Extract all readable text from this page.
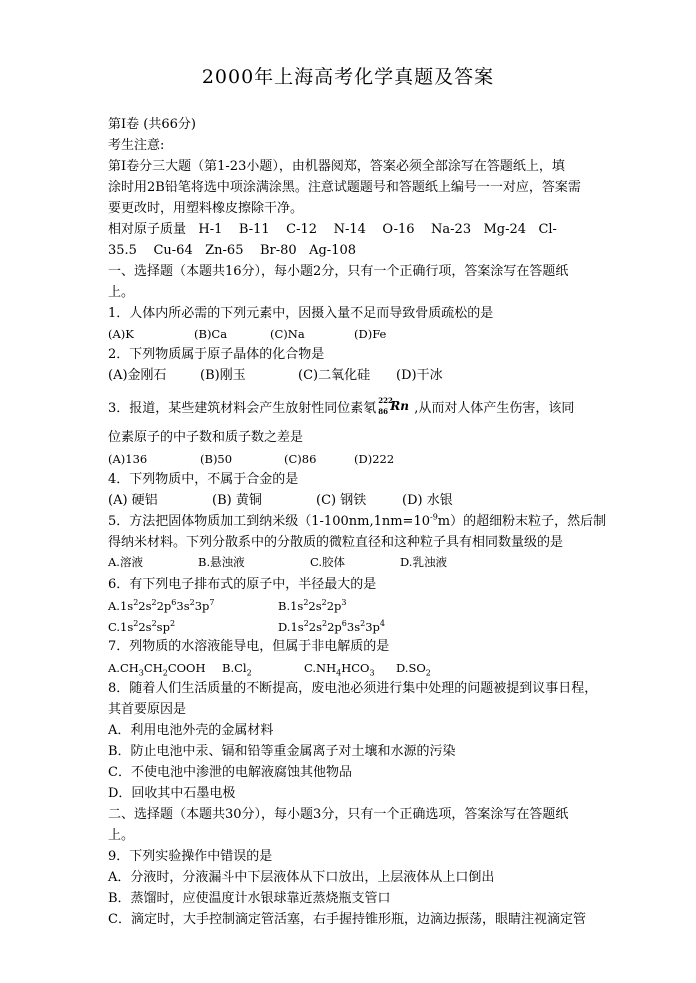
2000年上海高考化学真题及答案
第Ⅰ卷 (共66分)
考生注意:
第Ⅰ卷分三大题（第1-23小题），由机器阅郑，答案必须全部涂写在答题纸上，填
涂时用2B铅笔将选中项涂满涂黑。注意试题题号和答题纸上编号一一对应，答案需
要更改时，用塑料橡皮擦除干净。
相对原子质量   H-1    B-11    C-12    N-14    O-16    Na-23   Mg-24   Cl-
35.5    Cu-64   Zn-65    Br-80   Ag-108
一、选择题（本题共16分），每小题2分，只有一个正确行项，答案涂写在答题纸
上。
1．人体内所必需的下列元素中，因摄入量不足而导致骨质疏松的是
(A)K	(B)Ca	(C)Na	(D)Fe
2．下列物质属于原子晶体的化合物是
(A)金刚石	(B)刚玉	(C)二氧化硅 (D)干冰
3．报道，某些建筑材料会产生放射性同位素氡
222
86 Rn ,从而对人体产生伤害，该同
位素原子的中子数和质子数之差是
(A)136	(B)50	(C)86	(D)222
4．下列物质中，不属于合金的是
(A) 硬铝	(B) 黄铜	(C) 钢铁	(D) 水银
5．方法把固体物质加工到纳米级$(1-100nm,1nm=10^{-9}m)$的超细粉末粒子，然后制
得纳米材料。下列分散系中的分散质的微粒直径和这种粒子具有相同数量级的是
A.溶液	B.悬浊液	C.胶体	D.乳浊液
6．有下列电子排布式的原子中，半径最大的是
$A.1s^22s^22p^63s^23p^7$	$B.1s^22s^22p^3$
$C.1s^22s^2sp^2$	$D.1s^22s^22p^63s^23p^4$
7．列物质的水溶液能导电，但属于非电解质的是
$A.CH_3CH_2COOH$ $B.Cl_2$	$C.NH_4HCO_3$ $D.SO_2$
8．随着人们生活质量的不断提高，废电池必须进行集中处理的问题被提到议事日程，
其首要原因是
A．利用电池外壳的金属材料
B．防止电池中汞、镉和铅等重金属离子对土壤和水源的污染
C．不使电池中渗泄的电解液腐蚀其他物品
D．回收其中石墨电极
二、选择题（本题共30分），每小题3分，只有一个正确选项，答案涂写在答题纸
上。
9．下列实验操作中错误的是
A．分液时，分液漏斗中下层液体从下口放出，上层液体从上口倒出
B．蒸馏时，应使温度计水银球靠近蒸烧瓶支管口
C．滴定时，大手控制滴定管活塞，右手握持锥形瓶，边滴边振荡，眼睛注视滴定管
